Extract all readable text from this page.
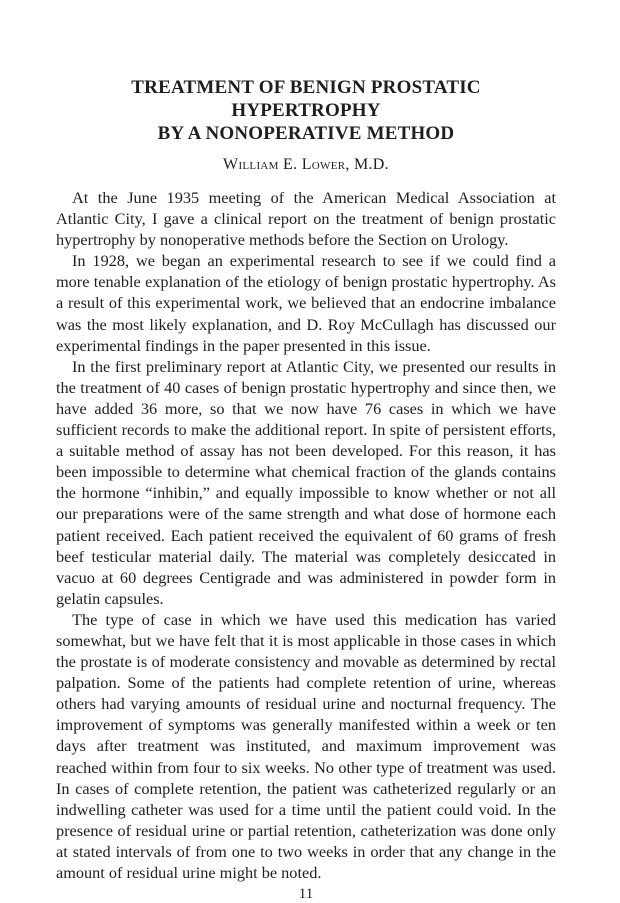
TREATMENT OF BENIGN PROSTATIC HYPERTROPHY
BY A NONOPERATIVE METHOD
William E. Lower, M.D.

At the June 1935 meeting of the American Medical Association at Atlantic City, I gave a clinical report on the treatment of benign prostatic hypertrophy by nonoperative methods before the Section on Urology.

In 1928, we began an experimental research to see if we could find a more tenable explanation of the etiology of benign prostatic hypertrophy. As a result of this experimental work, we believed that an endocrine imbalance was the most likely explanation, and D. Roy McCullagh has discussed our experimental findings in the paper presented in this issue.

In the first preliminary report at Atlantic City, we presented our results in the treatment of 40 cases of benign prostatic hypertrophy and since then, we have added 36 more, so that we now have 76 cases in which we have sufficient records to make the additional report. In spite of persistent efforts, a suitable method of assay has not been developed. For this reason, it has been impossible to determine what chemical fraction of the glands contains the hormone “inhibin,” and equally impossible to know whether or not all our preparations were of the same strength and what dose of hormone each patient received. Each patient received the equivalent of 60 grams of fresh beef testicular material daily. The material was completely desiccated in vacuo at 60 degrees Centigrade and was administered in powder form in gelatin capsules.

The type of case in which we have used this medication has varied somewhat, but we have felt that it is most applicable in those cases in which the prostate is of moderate consistency and movable as determined by rectal palpation. Some of the patients had complete retention of urine, whereas others had varying amounts of residual urine and nocturnal frequency. The improvement of symptoms was generally manifested within a week or ten days after treatment was instituted, and maximum improvement was reached within from four to six weeks. No other type of treatment was used. In cases of complete retention, the patient was catheterized regularly or an indwelling catheter was used for a time until the patient could void. In the presence of residual urine or partial retention, catheterization was done only at stated intervals of from one to two weeks in order that any change in the amount of residual urine might be noted.

11
